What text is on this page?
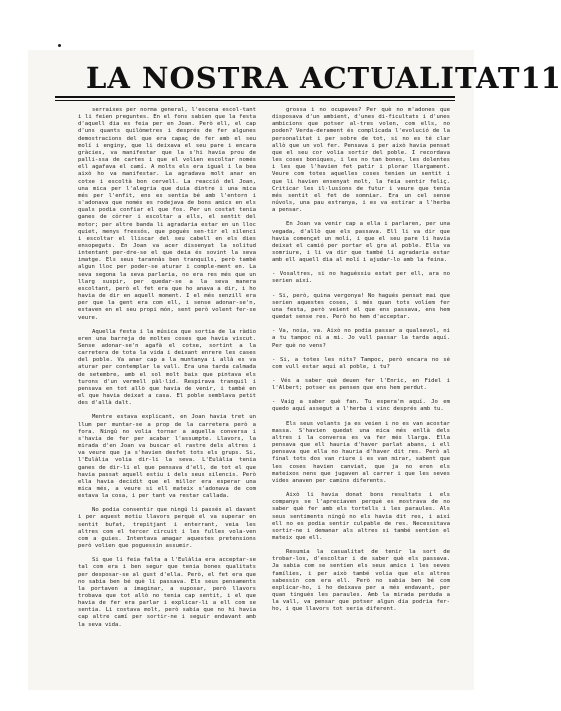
LA NOSTRA ACTUALITAT 11

serraixes per norma general, l'escena escol-tant i li feien preguntes. En el fons sabien que la festa d'aquell dia es feia per en Joan. Però ell, el cap d'uns quants quilòmetres i després de fer algunes demostracions del que era capaç de fer amb el seu molí i enginy, que li deixava el seu pare i encara gràcies, va manifestar que la s'hi havia prou de palli-ssa de cartes i que el volien escoltar només ell agafava el camí. A molts els era igual i la bea això ho va manifestar. La agradava molt anar en cotxe i escoltà bon cervell. La reacció del Joan, una mica per l'alegria que duia dintre i una mica més per l'enfit, ens es sentia bé amb l'entorn i s'adonava que només es rodejava de bons amics en els quals podia confiar el que fos. Per un costat tenia ganes de córrer i escoltar a ells, el sentit del motor; per altre banda li agradaria estar en un lloc quiet, menys fressós, que pogués sen-tir el silenci i escoltar el lliscar del seu cabell en els dies ensopegats. En Joan va acer dissenyat la solitud intentant per-dre-se el que deia és sovint la seva imatge. Els seus tarannàs ben tranquils, però també algun lloc per poder-se aturar i comple-ment en. La seva segona la seva parlaria, no era res més que un llarg suspir, per quedar-se a la seva manera escoltant, però el fet era que ho anava a dir, i ho havia de dir en aquell moment. I el més senzill era per que la gent era com ell, i sense adonar-se'n, estaven en el seu propi món, sent però volent fer-se veure.

Aquella festa i la música que sortia de la ràdio eren una barreja de moltes coses que havia viscut. Sense adonar-se'n agafà el cotxe, sortint a la carretera de tota la vida i deixant enrere les cases del poble. Va anar cap a la muntanya i allà es va aturar per contemplar la vall. Era una tarda calmada de setembre, amb el sol molt baix que pintava els turons d'un vermell pàl·lid. Respirava tranquil i pensava en tot allò que havia de venir, i també en el que havia deixat a casa. El poble semblava petit des d'allà dalt.

Mentre estava explicant, en Joan havia tret un llum per muntar-se a prop de la carretera però a fora. Ningú no volia tornar a aquella conversa i s'havia de fer per acabar l'assumpte. Llavors, la mirada d'en Joan va buscar el rastre dels altres i va veure que ja s'havien desfet tots els grups. Si, l'Eulàlia volia dir-li la seva. L'Eulàlia tenia ganes de dir-li el que pensava d'ell, de tot el que havia passat aquell estiu i dels seus silencis. Però ella havia decidit que el millor era esperar una mica més, a veure si ell mateix s'adonava de com estava la cosa, i per tant va restar callada.

No podia consentir que ningú li passés al davant i per aquest motiu llavors perquè el va superar en sentit bufat, trepitjant i enterrant, veia les altres com el tercer circuit i les fulles vola-ven com a guies. Intentava amagar aquestes pretensions però volien que poguessin assumir.

Si que li feia falta a l'Eulàlia era acceptar-se tal com era i ben segur que tenia bones qualitats per desposar-se al gust d'ella. Però, el fet era que no sabia ben bé què li passava. Els seus pensaments la portaven a imaginar, a suposar, però llavors trobava que tot allò no tenia cap sentit, i el que havia de fer era parlar i explicar-li a ell com se sentia. Li costava molt, però sabia que no hi havia cap altre camí per sortir-ne i seguir endavant amb la seva vida.

grossa i no ocupaves? Per què no m'adones que disposava d'un ambient, d'unes di-ficultats i d'unes ambicions que potser al-tres volen, com ells, no poden? Verda-derament és complicada l'evolució de la personalitat i per sobre de tot, si no es té clar allò que un vol fer. Pensava i per això havia pensat que el seu cor volia sortir del poble. I recordava les coses boniques, i les no tan bones, les dolentes i les que l'havien fet patir i plorar llargament. Veure com totes aquelles coses tenien un sentit i que li havien ensenyat molt, la feia sentir feliç. Criticar les il·lusions de futur i veure que tenia més sentit el fet de somniar. Era un cel sense núvols, una pau estranya, i es va estirar a l'herba a pensar.

En Joan va venir cap a ella i parlaren, per una vegada, d'allò que els passava. Ell li va dir que havia començat un molí, i que el seu pare li havia deixat el camió per portar el gra al poble. Ella va somriure, i li va dir que també li agradaria estar amb ell aquell dia al molí i ajudar-lo amb la feina.

- Vosaltres, si no haguéssiu estat per ell, ara no serien així.

- Si, però, quina vergonya! No hagués pensat mai que serien aquestes coses, i més quan tots volíem fer una festa, però veient el que ens passava, ens hem quedat sense res. Però ho hem d'acceptar.

- Va, noia, va. Això no podia passar a qualsevol, ni a tu tampoc ni a mi. Jo vull passar la tarda aquí. Per què no vens?

- Si, a totes les nits? Tampoc, però encara no sé com vull estar aquí al poble, i tu?

- Vés a saber què deuen fer l'Enric, en Fidel i l'Albert; potser es pensen que ens hem perdut.

- Vaig a saber què fan. Tu espera'm aquí. Jo em quedo aquí assegut a l'herba i vinc després amb tu.

Els seus volants ja es veien i no es van acostar massa. S'havien quedat una mica més enllà dels altres i la conversa es va fer més llarga. Ella pensava que ell hauria d'haver parlat abans, i ell pensava que ella no hauria d'haver dit res. Però al final tots dos van riure i es van mirar, sabent que les coses havien canviat, que ja no eren els mateixos nens que jugaven al carrer i que les seves vides anaven per camins diferents.

Això li havia donat bons resultats i els companys se l'apreciaven perquè es mostrava de no saber què fer amb els tortells i les paraules. Als seus sentiments ningú no els havia dit res, i així ell no es podia sentir culpable de res. Necessitava sortir-ne i demanar als altres si també sentien el mateix que ell.

Resumia la casualitat de tenir la sort de trobar-los, d'escoltar i de saber què els passava. Ja sabia com se sentien els seus amics i les seves famílies, i per això també volia que els altres sabessin com era ell. Però no sabia ben bé com explicar-ho, i ho deixava per a més endavant, per quan tingués les paraules. Amb la mirada perduda a la vall, va pensar que potser algun dia podria fer-ho, i que llavors tot seria diferent.
